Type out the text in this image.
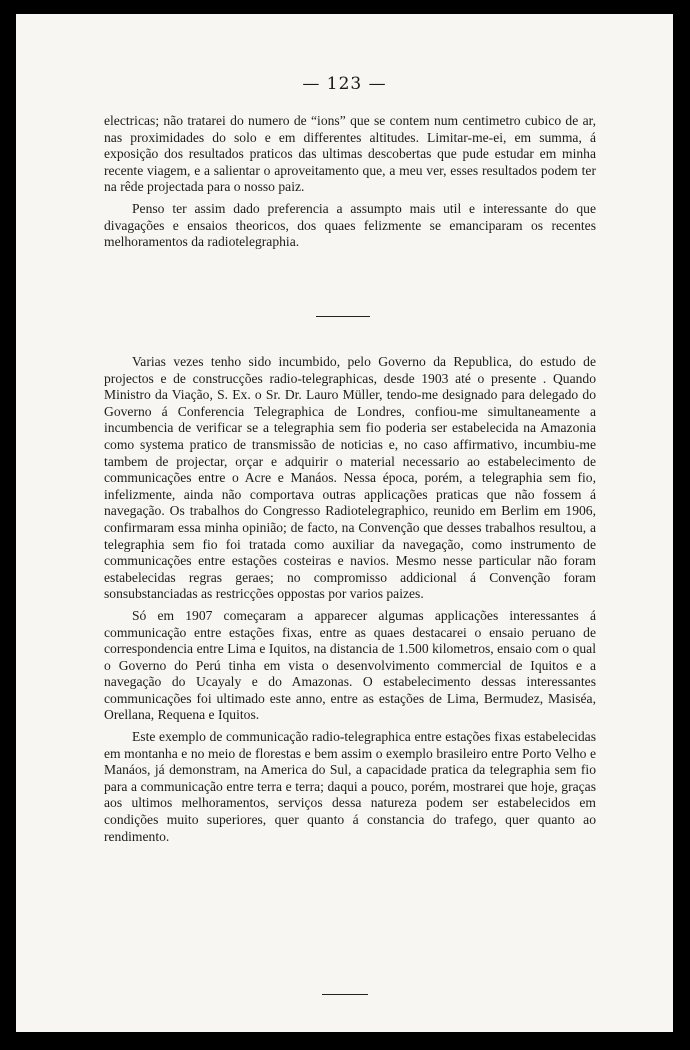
— 123 —

electricas; não tratarei do numero de “ions” que se contem num centimetro cubico de ar, nas proximidades do solo e em differentes altitudes. Limitar-me-ei, em summa, á exposição dos resultados praticos das ultimas descobertas que pude estudar em minha recente viagem, e a salientar o aproveitamento que, a meu ver, esses resultados podem ter na rêde projectada para o nosso paiz.

Penso ter assim dado preferencia a assumpto mais util e interessante do que divagações e ensaios theoricos, dos quaes felizmente se emanciparam os recentes melhoramentos da radiotelegraphia.

Varias vezes tenho sido incumbido, pelo Governo da Republica, do estudo de projectos e de construcções radio-telegraphicas, desde 1903 até o presente . Quando Ministro da Viação, S. Ex. o Sr. Dr. Lauro Müller, tendo-me designado para delegado do Governo á Conferencia Telegraphica de Londres, confiou-me simultaneamente a incumbencia de verificar se a telegraphia sem fio poderia ser estabelecida na Amazonia como systema pratico de transmissão de noticias e, no caso affirmativo, incumbiu-me tambem de projectar, orçar e adquirir o material necessario ao estabelecimento de communicações entre o Acre e Manáos. Nessa época, porém, a telegraphia sem fio, infelizmente, ainda não comportava outras applicações praticas que não fossem á navegação. Os trabalhos do Congresso Radiotelegraphico, reunido em Berlim em 1906, confirmaram essa minha opinião; de facto, na Convenção que desses trabalhos resultou, a telegraphia sem fio foi tratada como auxiliar da navegação, como instrumento de communicações entre estações costeiras e navios. Mesmo nesse particular não foram estabelecidas regras geraes; no compromisso addicional á Convenção foram sonsubstanciadas as restricções oppostas por varios paizes.

Só em 1907 começaram a apparecer algumas applicações interessantes á communicação entre estações fixas, entre as quaes destacarei o ensaio peruano de correspondencia entre Lima e Iquitos, na distancia de 1.500 kilometros, ensaio com o qual o Governo do Perú tinha em vista o desenvolvimento commercial de Iquitos e a navegação do Ucayaly e do Amazonas. O estabelecimento dessas interessantes communicações foi ultimado este anno, entre as estações de Lima, Bermudez, Masiséa, Orellana, Requena e Iquitos.

Este exemplo de communicação radio-telegraphica entre estações fixas estabelecidas em montanha e no meio de florestas e bem assim o exemplo brasileiro entre Porto Velho e Manáos, já demonstram, na America do Sul, a capacidade pratica da telegraphia sem fio para a communicação entre terra e terra; daqui a pouco, porém, mostrarei que hoje, graças aos ultimos melhoramentos, serviços dessa natureza podem ser estabelecidos em condições muito superiores, quer quanto á constancia do trafego, quer quanto ao rendimento.
